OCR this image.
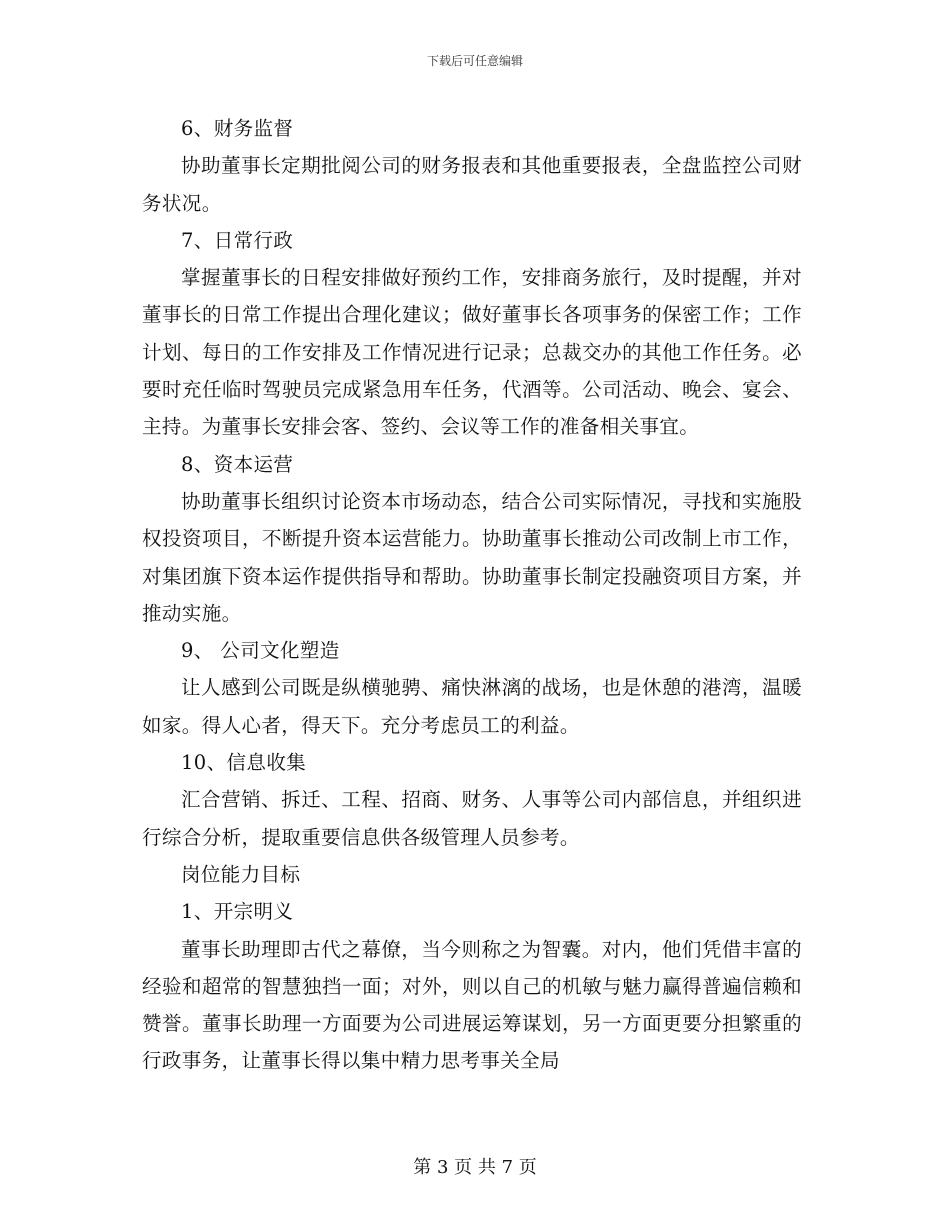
下载后可任意编辑

6、财务监督

协助董事长定期批阅公司的财务报表和其他重要报表，全盘监控公司财务状况。

7、日常行政

掌握董事长的日程安排做好预约工作，安排商务旅行，及时提醒，并对董事长的日常工作提出合理化建议；做好董事长各项事务的保密工作；工作计划、每日的工作安排及工作情况进行记录；总裁交办的其他工作任务。必要时充任临时驾驶员完成紧急用车任务，代酒等。公司活动、晚会、宴会、主持。为董事长安排会客、签约、会议等工作的准备相关事宜。

8、资本运营

协助董事长组织讨论资本市场动态，结合公司实际情况，寻找和实施股权投资项目，不断提升资本运营能力。协助董事长推动公司改制上市工作，对集团旗下资本运作提供指导和帮助。协助董事长制定投融资项目方案，并推动实施。

9、 公司文化塑造

让人感到公司既是纵横驰骋、痛快淋漓的战场，也是休憩的港湾，温暖如家。得人心者，得天下。充分考虑员工的利益。

10、信息收集

汇合营销、拆迁、工程、招商、财务、人事等公司内部信息，并组织进行综合分析，提取重要信息供各级管理人员参考。

岗位能力目标

1、开宗明义

董事长助理即古代之幕僚，当今则称之为智囊。对内，他们凭借丰富的经验和超常的智慧独挡一面；对外，则以自己的机敏与魅力赢得普遍信赖和赞誉。董事长助理一方面要为公司进展运筹谋划，另一方面更要分担繁重的行政事务，让董事长得以集中精力思考事关全局

第 3 页 共 7 页
